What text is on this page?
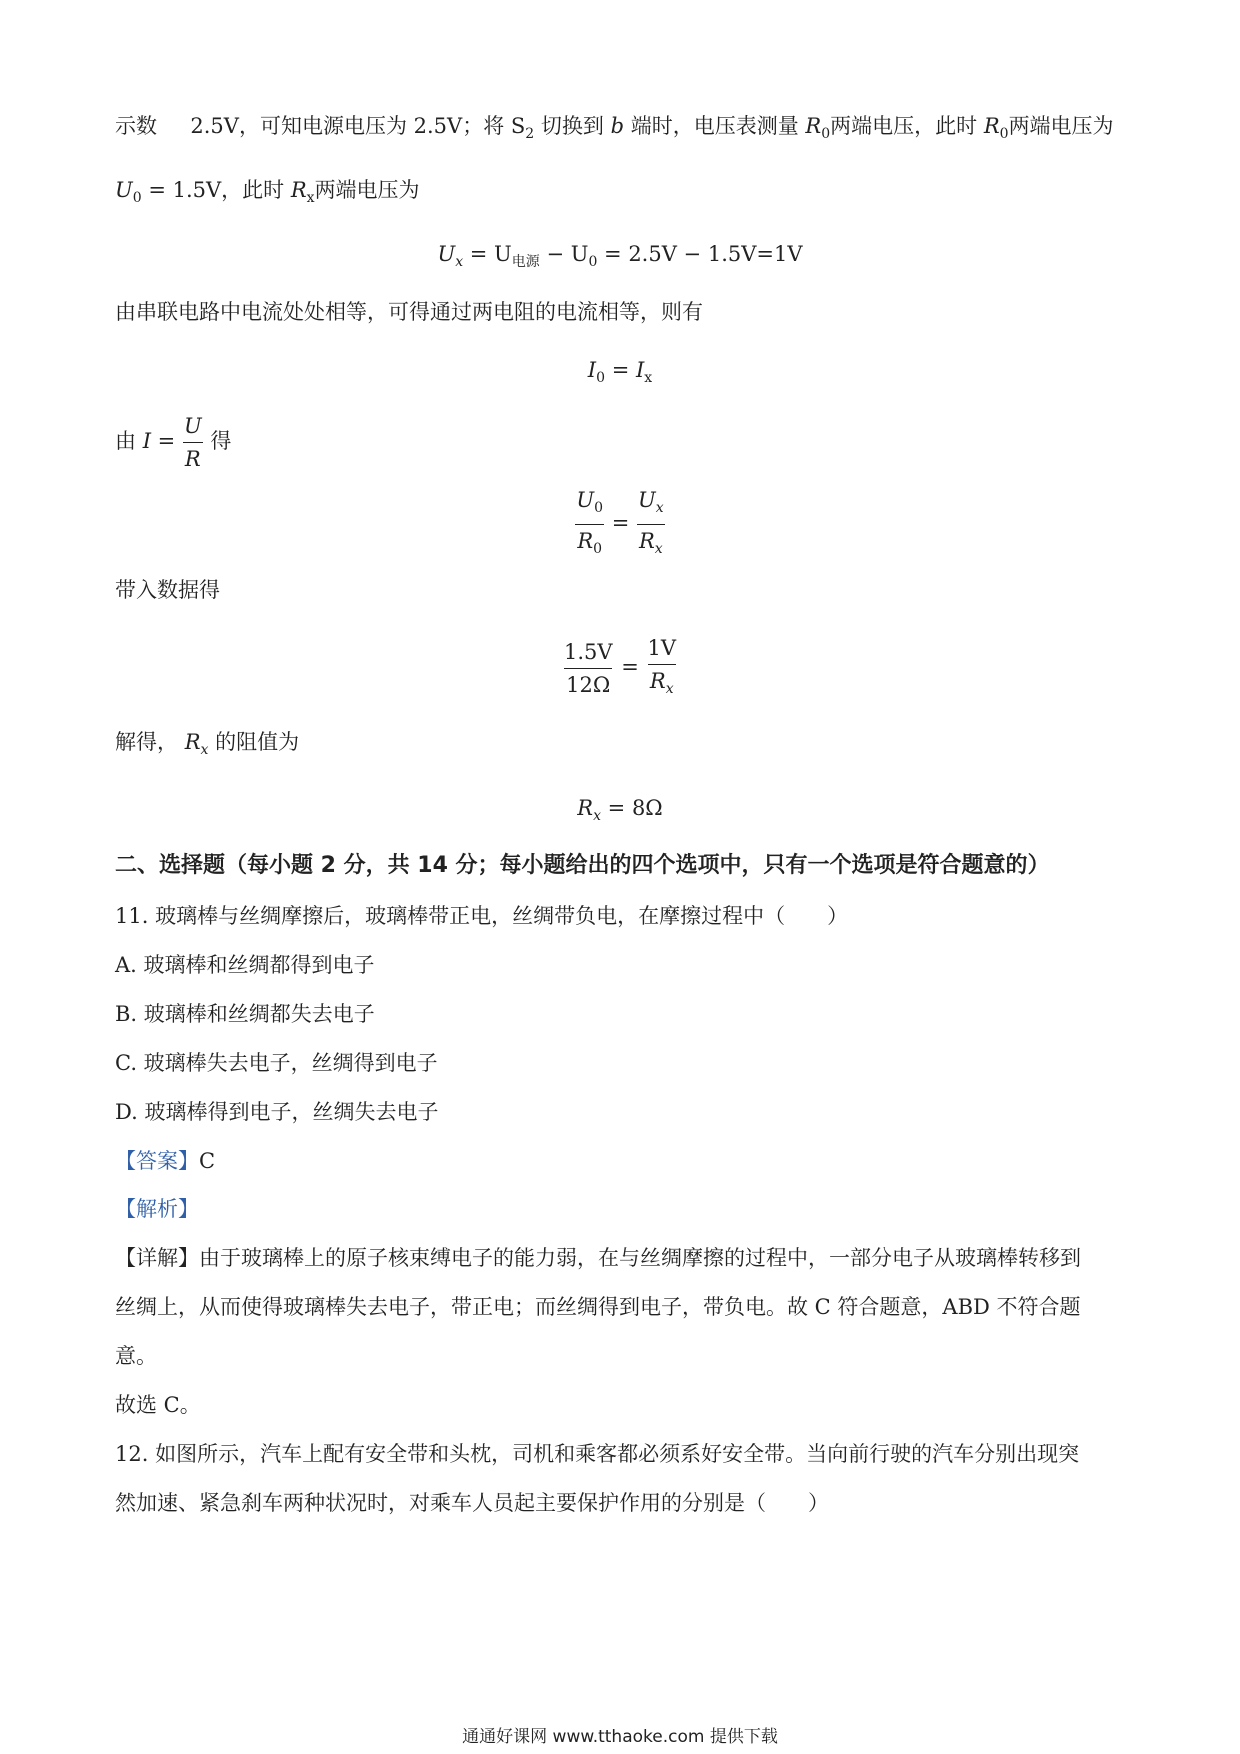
示数 2.5V，可知电源电压为 2.5V；将 $S_2$ 切换到 b 端时，电压表测量 $R_0$两端电压，此时 $R_0$两端电压为
$U_0 = 1.5V$，此时 $R_x$两端电压为
$U_x = U_{电源} - U_0 = 2.5V - 1.5V=1V$
由串联电路中电流处处相等，可得通过两电阻的电流相等，则有
$I_0 = I_x$
由 $I = \frac{U}{R}$ 得
$\frac{U_0}{R_0} = \frac{U_x}{R_x}$
带入数据得
$\frac{1.5V}{12\Omega} = \frac{1V}{R_x}$
解得， $R_x$ 的阻值为
$R_x = 8\Omega$
二、选择题（每小题 2 分，共 14 分；每小题给出的四个选项中，只有一个选项是符合题意的）
11. 玻璃棒与丝绸摩擦后，玻璃棒带正电，丝绸带负电，在摩擦过程中（　　）
A. 玻璃棒和丝绸都得到电子
B. 玻璃棒和丝绸都失去电子
C. 玻璃棒失去电子，丝绸得到电子
D. 玻璃棒得到电子，丝绸失去电子
【答案】C
【解析】
【详解】由于玻璃棒上的原子核束缚电子的能力弱，在与丝绸摩擦的过程中，一部分电子从玻璃棒转移到
丝绸上，从而使得玻璃棒失去电子，带正电；而丝绸得到电子，带负电。故 C 符合题意，ABD 不符合题
意。
故选 C。
12. 如图所示，汽车上配有安全带和头枕，司机和乘客都必须系好安全带。当向前行驶的汽车分别出现突
然加速、紧急刹车两种状况时，对乘车人员起主要保护作用的分别是（　　）
通通好课网 www.tthaoke.com 提供下载
